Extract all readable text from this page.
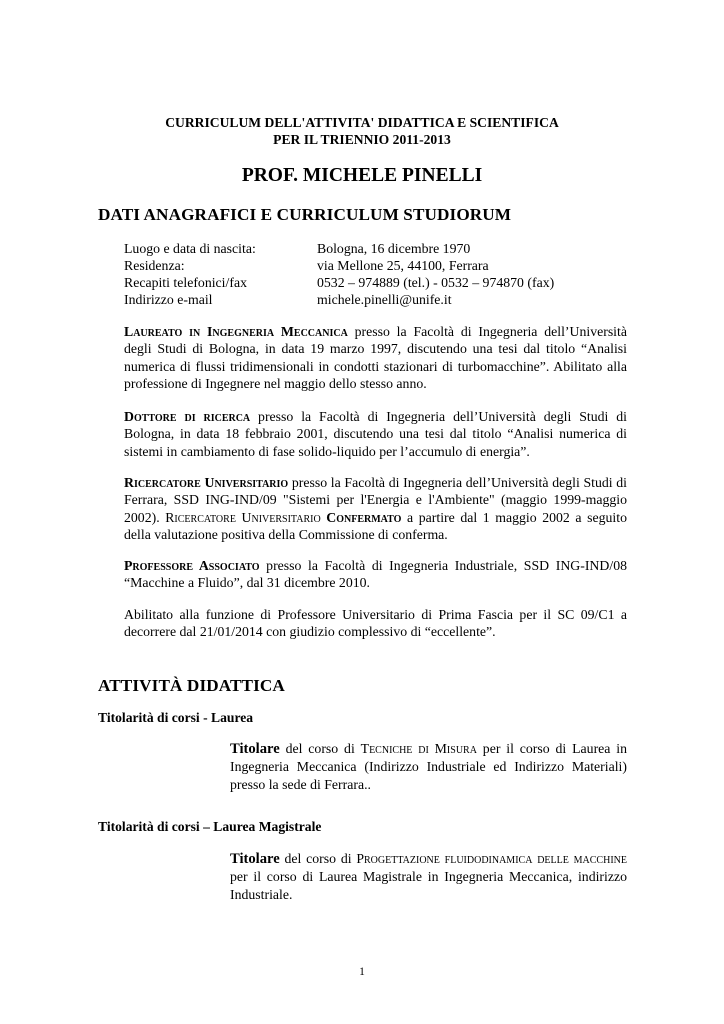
CURRICULUM DELL'ATTIVITA' DIDATTICA E SCIENTIFICA
PER IL TRIENNIO 2011-2013
PROF. MICHELE PINELLI
DATI ANAGRAFICI E CURRICULUM STUDIORUM
Luogo e data di nascita:	Bologna, 16 dicembre 1970
Residenza:	via Mellone 25, 44100, Ferrara
Recapiti telefonici/fax	0532 – 974889 (tel.) - 0532 – 974870 (fax)
Indirizzo e-mail	michele.pinelli@unife.it
Laureato in Ingegneria Meccanica presso la Facoltà di Ingegneria dell’Università degli Studi di Bologna, in data 19 marzo 1997, discutendo una tesi dal titolo “Analisi numerica di flussi tridimensionali in condotti stazionari di turbomacchine”. Abilitato alla professione di Ingegnere nel maggio dello stesso anno.
Dottore di ricerca presso la Facoltà di Ingegneria dell’Università degli Studi di Bologna, in data 18 febbraio 2001, discutendo una tesi dal titolo “Analisi numerica di sistemi in cambiamento di fase solido-liquido per l’accumulo di energia”.
Ricercatore Universitario presso la Facoltà di Ingegneria dell’Università degli Studi di Ferrara, SSD ING-IND/09 "Sistemi per l'Energia e l'Ambiente" (maggio 1999-maggio 2002). Ricercatore Universitario Confermato a partire dal 1 maggio 2002 a seguito della valutazione positiva della Commissione di conferma.
Professore Associato presso la Facoltà di Ingegneria Industriale, SSD ING-IND/08 “Macchine a Fluido”, dal 31 dicembre 2010.
Abilitato alla funzione di Professore Universitario di Prima Fascia per il SC 09/C1 a decorrere dal 21/01/2014 con giudizio complessivo di “eccellente”.
ATTIVITÀ DIDATTICA
Titolarità di corsi - Laurea
Titolare del corso di Tecniche di Misura per il corso di Laurea in Ingegneria Meccanica (Indirizzo Industriale ed Indirizzo Materiali) presso la sede di Ferrara..
Titolarità di corsi – Laurea Magistrale
Titolare del corso di Progettazione fluidodinamica delle macchine per il corso di Laurea Magistrale in Ingegneria Meccanica, indirizzo Industriale.
1
